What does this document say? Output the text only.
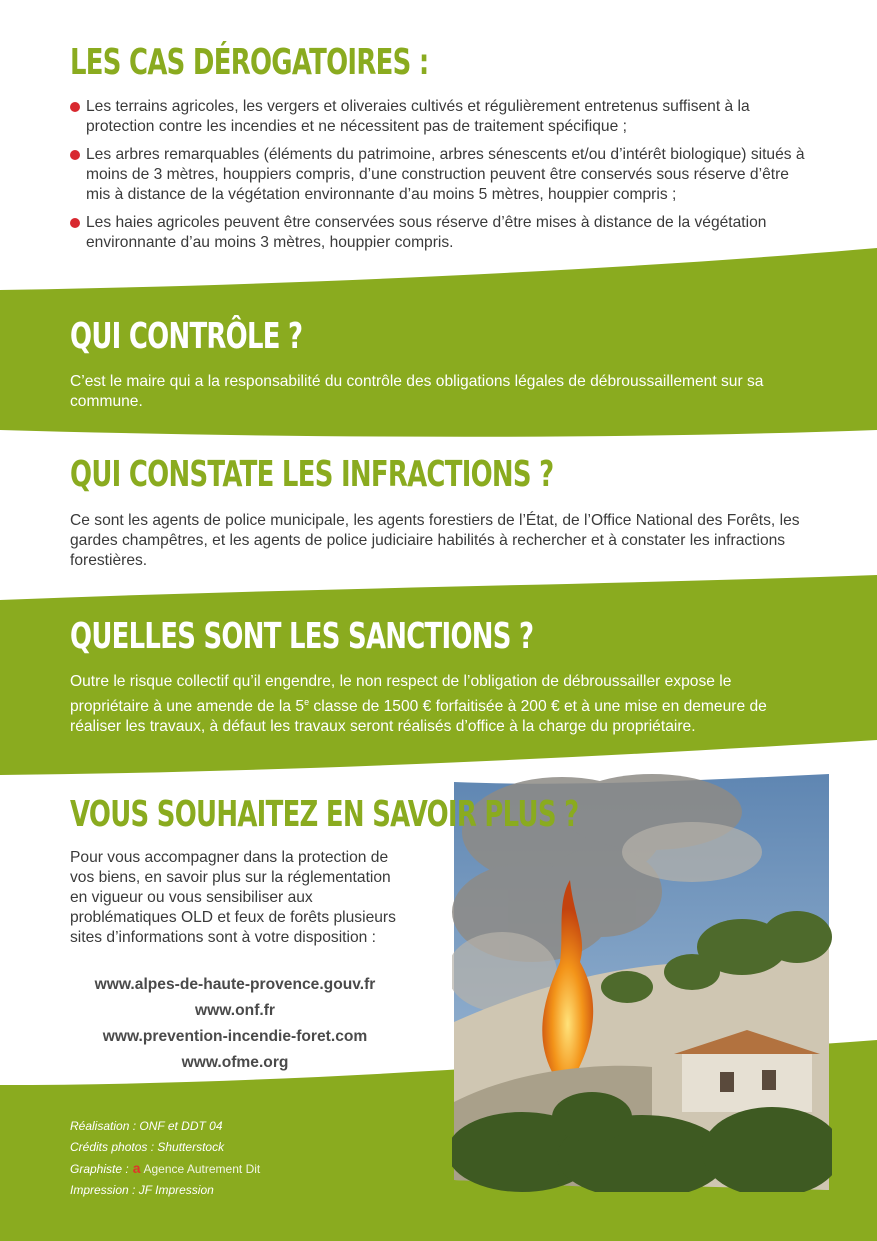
LES CAS DÉROGATOIRES :
Les terrains agricoles, les vergers et oliveraies cultivés et régulièrement entretenus suffisent à la protection contre les incendies et ne nécessitent pas de traitement spécifique ;
Les arbres remarquables (éléments du patrimoine, arbres sénescents et/ou d’intérêt biologique) situés à moins de 3 mètres, houppiers compris, d’une construction peuvent être conservés sous réserve d’être mis à distance de la végétation environnante d’au moins 5 mètres, houppier compris ;
Les haies agricoles peuvent être conservées sous réserve d’être mises à distance de la végétation environnante d’au moins 3 mètres, houppier compris.
QUI CONTRÔLE ?

C’est le maire qui a la responsabilité du contrôle des obligations légales de débroussaillement sur sa commune.

QUI CONSTATE LES INFRACTIONS ?

Ce sont les agents de police municipale, les agents forestiers de l’État, de l’Office National des Forêts, les gardes champêtres, et les agents de police judiciaire habilités à rechercher et à constater les infractions forestières.

QUELLES SONT LES SANCTIONS ?

Outre le risque collectif qu’il engendre, le non respect de l’obligation de débroussailler expose le propriétaire à une amende de la 5e classe de 1500 € forfaitisée à 200 € et à une mise en demeure de réaliser les travaux, à défaut les travaux seront réalisés d’office à la charge du propriétaire.

VOUS SOUHAITEZ EN SAVOIR PLUS ?

Pour vous accompagner dans la protection de vos biens, en savoir plus sur la réglementation en vigueur ou vous sensibiliser aux problématiques OLD et feux de forêts plusieurs sites d’informations sont à votre disposition :

www.alpes-de-haute-provence.gouv.fr
www.onf.fr
www.prevention-incendie-foret.com
www.ofme.org
Réalisation : ONF et DDT 04
Crédits photos : Shutterstock
Graphiste : a Agence Autrement Dit
Impression : JF Impression
